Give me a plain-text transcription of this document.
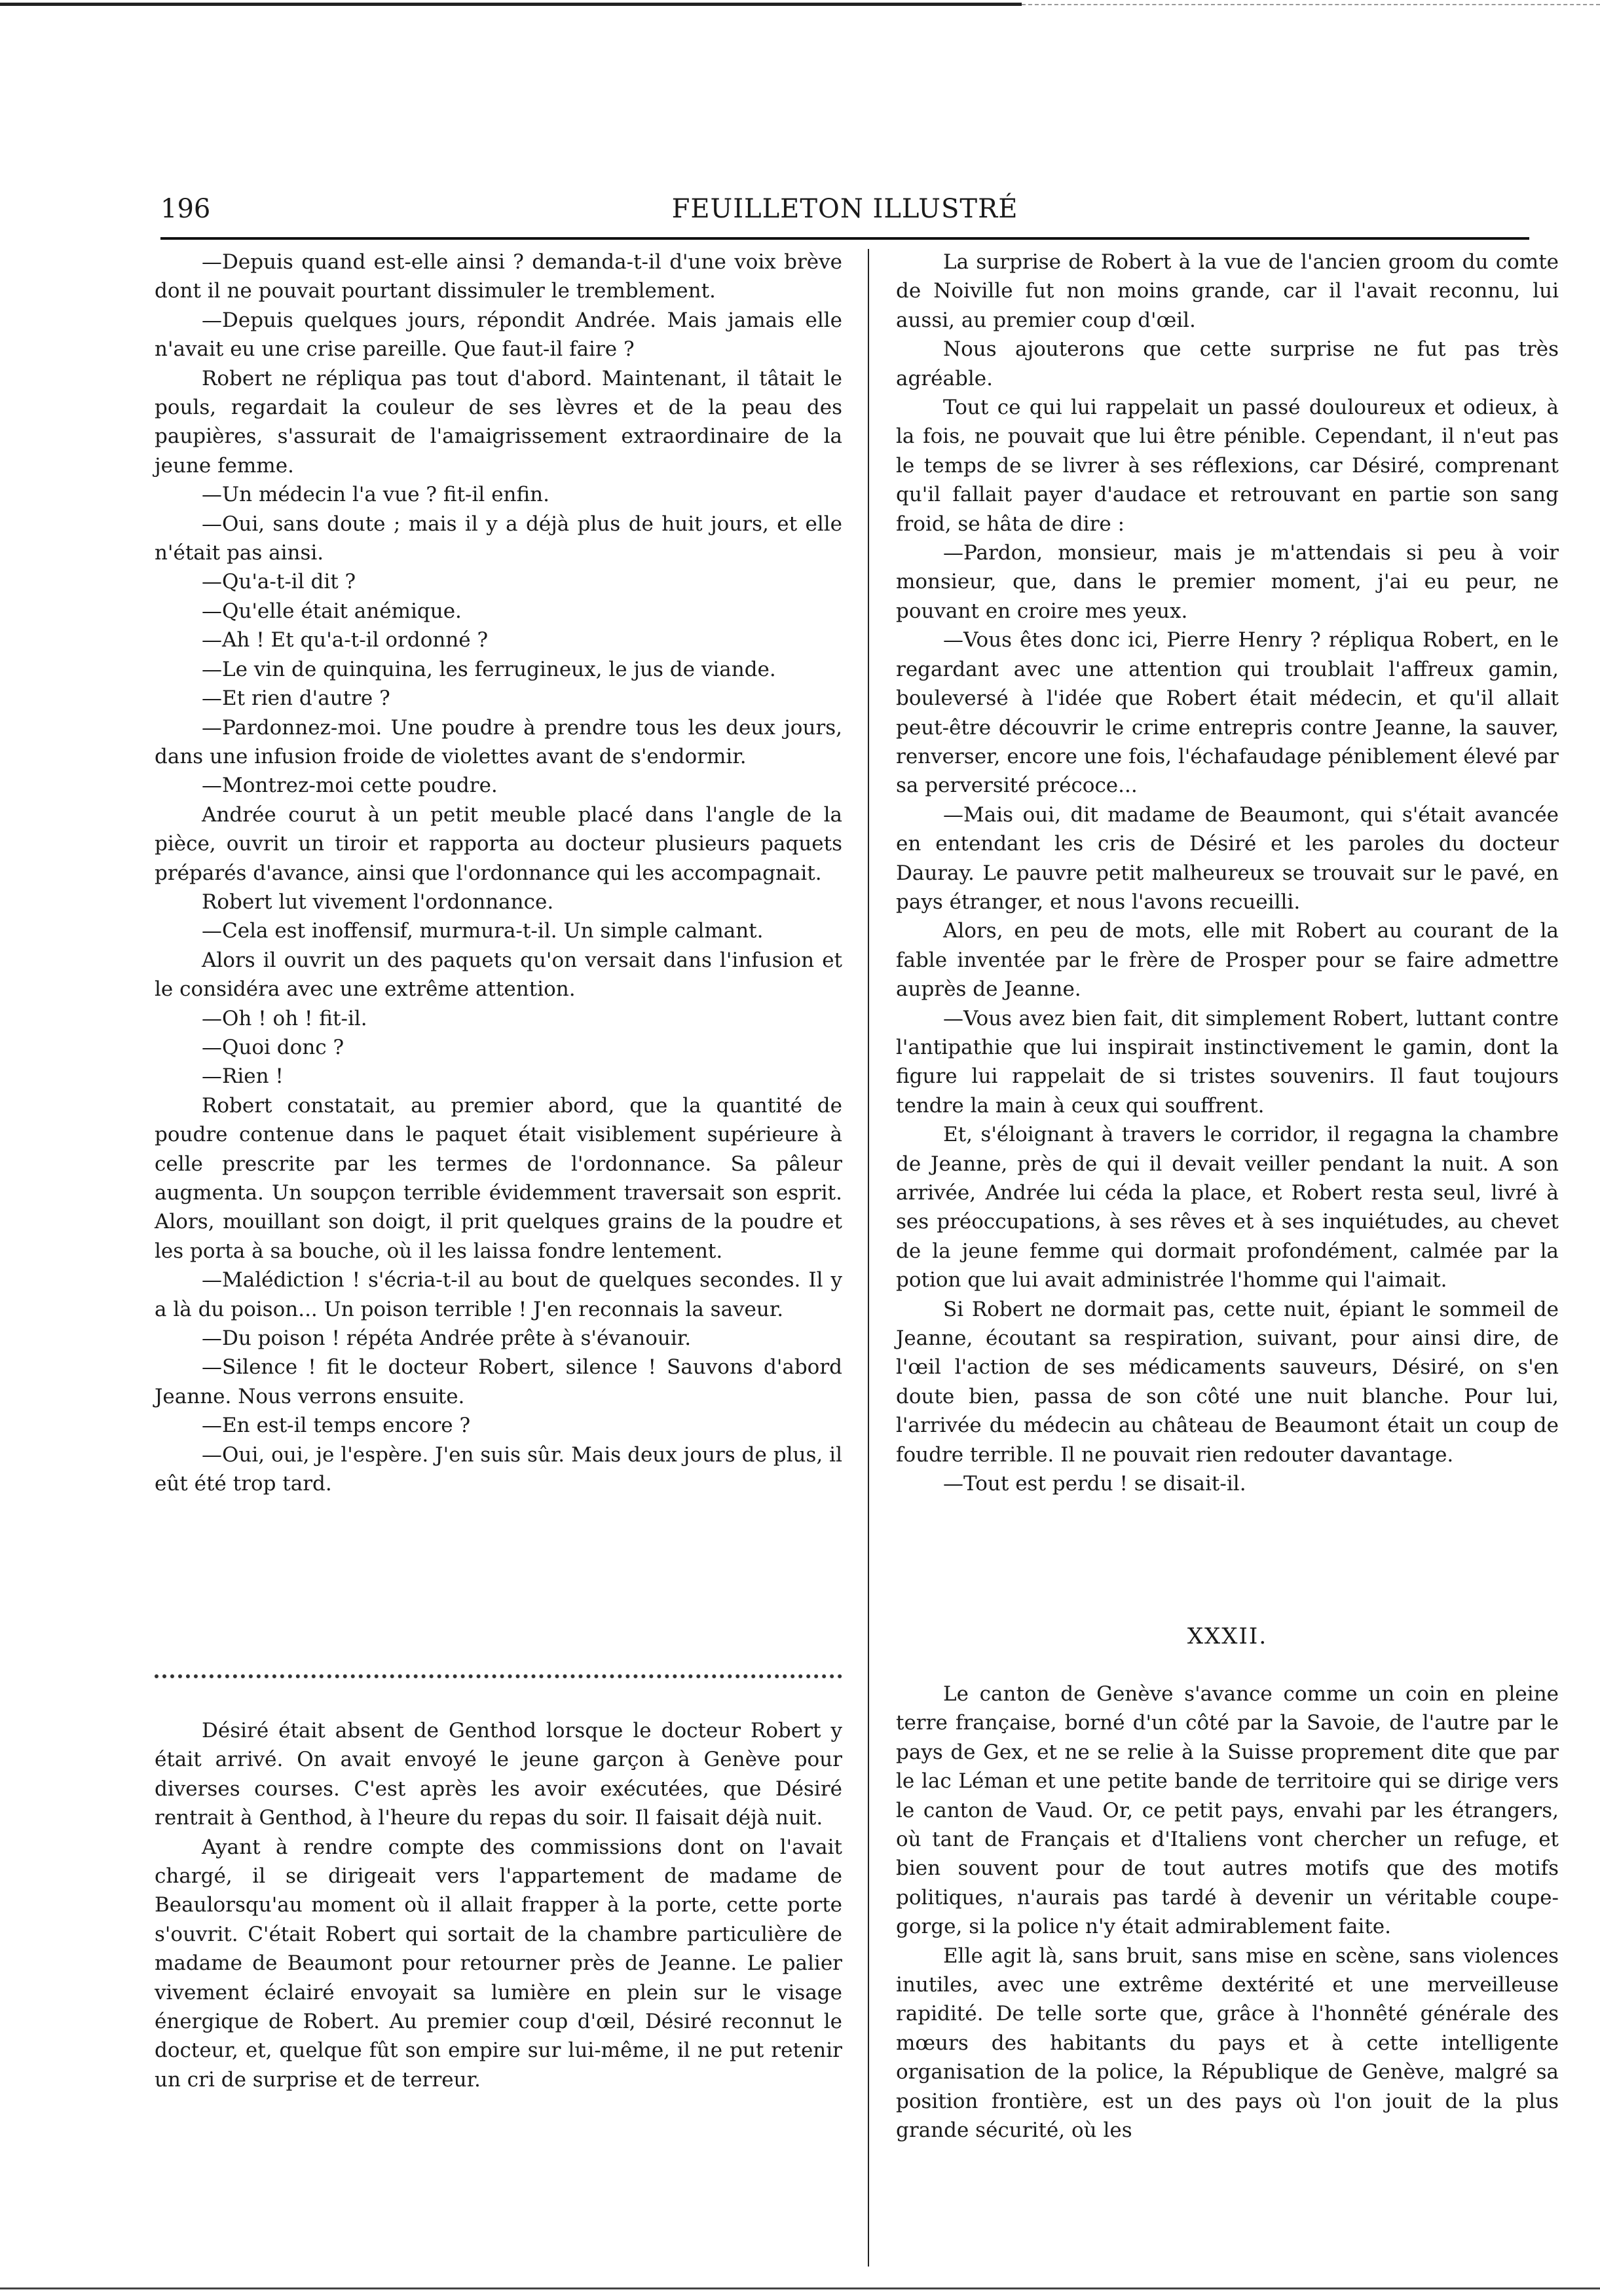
196	FEUILLETON ILLUSTRÉ

—Depuis quand est-elle ainsi ? demanda-t-il d'une voix brève dont il ne pouvait pourtant dissimuler le tremblement.

—Depuis quelques jours, répondit Andrée. Mais jamais elle n'avait eu une crise pareille. Que faut-il faire ?

Robert ne répliqua pas tout d'abord. Maintenant, il tâtait le pouls, regardait la couleur de ses lèvres et de la peau des paupières, s'assurait de l'amaigrissement extraordinaire de la jeune femme.

—Un médecin l'a vue ? fit-il enfin.

—Oui, sans doute ; mais il y a déjà plus de huit jours, et elle n'était pas ainsi.

—Qu'a-t-il dit ?

—Qu'elle était anémique.

—Ah ! Et qu'a-t-il ordonné ?

—Le vin de quinquina, les ferrugineux, le jus de viande.

—Et rien d'autre ?

—Pardonnez-moi. Une poudre à prendre tous les deux jours, dans une infusion froide de violettes avant de s'endormir.

—Montrez-moi cette poudre.

Andrée courut à un petit meuble placé dans l'angle de la pièce, ouvrit un tiroir et rapporta au docteur plusieurs paquets préparés d'avance, ainsi que l'ordonnance qui les accompagnait.

Robert lut vivement l'ordonnance.

—Cela est inoffensif, murmura-t-il. Un simple calmant.

Alors il ouvrit un des paquets qu'on versait dans l'infusion et le considéra avec une extrême attention.

—Oh ! oh ! fit-il.

—Quoi donc ?

—Rien !

Robert constatait, au premier abord, que la quantité de poudre contenue dans le paquet était visiblement supérieure à celle prescrite par les termes de l'ordonnance. Sa pâleur augmenta. Un soupçon terrible évidemment traversait son esprit. Alors, mouillant son doigt, il prit quelques grains de la poudre et les porta à sa bouche, où il les laissa fondre lentement.

—Malédiction ! s'écria-t-il au bout de quelques secondes. Il y a là du poison... Un poison terrible ! J'en reconnais la saveur.

—Du poison ! répéta Andrée prête à s'évanouir.

—Silence ! fit le docteur Robert, silence ! Sauvons d'abord Jeanne. Nous verrons ensuite.

—En est-il temps encore ?

—Oui, oui, je l'espère. J'en suis sûr. Mais deux jours de plus, il eût été trop tard.

Désiré était absent de Genthod lorsque le docteur Robert y était arrivé. On avait envoyé le jeune garçon à Genève pour diverses courses. C'est après les avoir exécutées, que Désiré rentrait à Genthod, à l'heure du repas du soir. Il faisait déjà nuit.

Ayant à rendre compte des commissions dont on l'avait chargé, il se dirigeait vers l'appartement de madame de Beaulorsqu'au moment où il allait frapper à la porte, cette porte s'ouvrit. C'était Robert qui sortait de la chambre particulière de madame de Beaumont pour retourner près de Jeanne. Le palier vivement éclairé envoyait sa lumière en plein sur le visage énergique de Robert. Au premier coup d'œil, Désiré reconnut le docteur, et, quelque fût son empire sur lui-même, il ne put retenir un cri de surprise et de terreur.

La surprise de Robert à la vue de l'ancien groom du comte de Noiville fut non moins grande, car il l'avait reconnu, lui aussi, au premier coup d'œil.

Nous ajouterons que cette surprise ne fut pas très agréable.

Tout ce qui lui rappelait un passé douloureux et odieux, à la fois, ne pouvait que lui être pénible. Cependant, il n'eut pas le temps de se livrer à ses réflexions, car Désiré, comprenant qu'il fallait payer d'audace et retrouvant en partie son sang froid, se hâta de dire :

—Pardon, monsieur, mais je m'attendais si peu à voir monsieur, que, dans le premier moment, j'ai eu peur, ne pouvant en croire mes yeux.

—Vous êtes donc ici, Pierre Henry ? répliqua Robert, en le regardant avec une attention qui troublait l'affreux gamin, bouleversé à l'idée que Robert était médecin, et qu'il allait peut-être découvrir le crime entrepris contre Jeanne, la sauver, renverser, encore une fois, l'échafaudage péniblement élevé par sa perversité précoce...

—Mais oui, dit madame de Beaumont, qui s'était avancée en entendant les cris de Désiré et les paroles du docteur Dauray. Le pauvre petit malheureux se trouvait sur le pavé, en pays étranger, et nous l'avons recueilli.

Alors, en peu de mots, elle mit Robert au courant de la fable inventée par le frère de Prosper pour se faire admettre auprès de Jeanne.

—Vous avez bien fait, dit simplement Robert, luttant contre l'antipathie que lui inspirait instinctivement le gamin, dont la figure lui rappelait de si tristes souvenirs. Il faut toujours tendre la main à ceux qui souffrent.

Et, s'éloignant à travers le corridor, il regagna la chambre de Jeanne, près de qui il devait veiller pendant la nuit. A son arrivée, Andrée lui céda la place, et Robert resta seul, livré à ses préoccupations, à ses rêves et à ses inquiétudes, au chevet de la jeune femme qui dormait profondément, calmée par la potion que lui avait administrée l'homme qui l'aimait.

Si Robert ne dormait pas, cette nuit, épiant le sommeil de Jeanne, écoutant sa respiration, suivant, pour ainsi dire, de l'œil l'action de ses médicaments sauveurs, Désiré, on s'en doute bien, passa de son côté une nuit blanche. Pour lui, l'arrivée du médecin au château de Beaumont était un coup de foudre terrible. Il ne pouvait rien redouter davantage.

—Tout est perdu ! se disait-il.

XXXII.

Le canton de Genève s'avance comme un coin en pleine terre française, borné d'un côté par la Savoie, de l'autre par le pays de Gex, et ne se relie à la Suisse proprement dite que par le lac Léman et une petite bande de territoire qui se dirige vers le canton de Vaud. Or, ce petit pays, envahi par les étrangers, où tant de Français et d'Italiens vont chercher un refuge, et bien souvent pour de tout autres motifs que des motifs politiques, n'aurais pas tardé à devenir un véritable coupe-gorge, si la police n'y était admirablement faite.

Elle agit là, sans bruit, sans mise en scène, sans violences inutiles, avec une extrême dextérité et une merveilleuse rapidité. De telle sorte que, grâce à l'honnêté générale des mœurs des habitants du pays et à cette intelligente organisation de la police, la République de Genève, malgré sa position frontière, est un des pays où l'on jouit de la plus grande sécurité, où les
